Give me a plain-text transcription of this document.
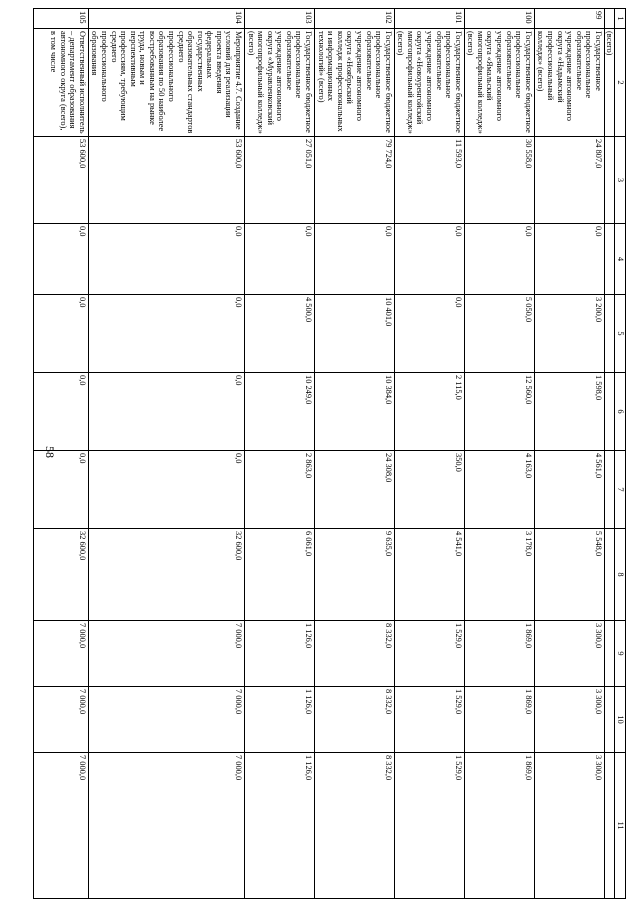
58
1	2	3	4	5	6	7	8	9	10	11
	(всего)									
99	Государственное профессиональное образовательное учреждение автономного округа «Надымский профессиональный колледж» (всего)	24 807,0	0,0	3 200,0	1 598,0	4 561,0	5 548,0	3 300,0	3 300,0	3 300,0
100	Государственное бюджетное профессиональное образовательное учреждение автономного округа «Ямальский многопрофильный колледж» (всего)	30 558,0	0,0	5 050,0	12 560,0	4 163,0	3 178,0	1 869,0	1 869,0	1 869,0
101	Государственное бюджетное профессиональное образовательное учреждение автономного округа «Новоуренгойский многопрофильный колледж» (всего)	11 593,0	0,0	0,0	2 115,0	350,0	4 541,0	1 529,0	1 529,0	1 529,0
102	Государственное бюджетное профессиональное образовательное учреждение автономного округа «Ноябрьский колледж профессиональных и информационных технологий» (всего)	79 724,0	0,0	10 401,0	10 384,0	24 308,0	9 635,0	8 332,0	8 332,0	8 332,0
103	Государственное бюджетное профессиональное образовательное учреждение автономного округа «Муравленковский многопрофильный колледж» (всего)	27 051,0	0,0	4 500,0	10 249,0	2 863,0	6 061,0	1 126,0	1 126,0	1 126,0
104	Мероприятие 4.7. Создание условий для реализации проекта введения федеральных государственных образовательных стандартов среднего профессионального образования по 50 наиболее востребованным на рынке труда, новым и перспективным профессиям, требующим среднего профессионального образования	53 600,0	0,0	0,0	0,0	0,0	32 600,0	7 000,0	7 000,0	7 000,0
105	Ответственный исполнитель – департамент образования автономного округа (всего), в том числе	53 600,0	0,0	0,0	0,0	0,0	32 600,0	7 000,0	7 000,0	7 000,0
